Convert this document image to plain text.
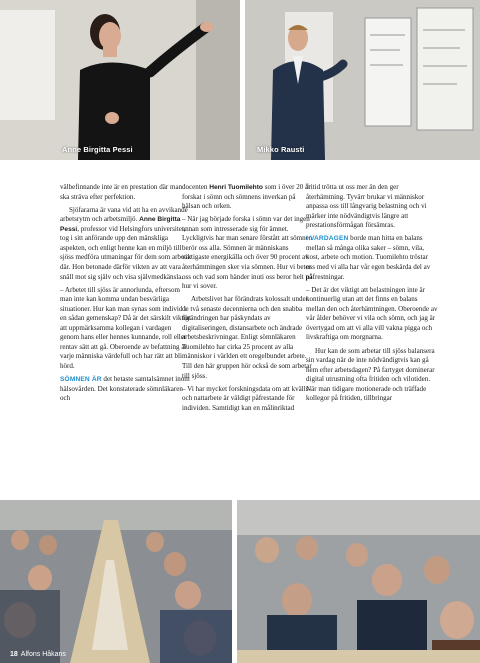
Anne Birgitta Pessi	Mikko Rausti

välbefinnande inte är en prestation där man ska sträva efter perfektion.

Sjöfararna är vana vid att ha en avvikande arbetsrytm och arbetsmiljö. Anne Birgitta Pessi, professor vid Helsingfors universitet, tog i sitt anförande upp den mänskliga aspekten, och enligt henne kan en miljö till sjöss medföra utmaningar för dem som arbetar där. Hon betonade därför vikten av att vara snäll mot sig själv och visa självmedkänsla.

– Arbetet till sjöss är annorlunda, eftersom man inte kan komma undan besvärliga situationer. Hur kan man synas som individ i en sådan gemenskap? Då är det särskilt viktigt att uppmärksamma kollegan i vardagen genom hans eller hennes kunnande, roll eller rentav sätt att gå. Oberoende av befattning är varje människa värdefull och har rätt att bli hörd.

SÖMNEN ÄR det hetaste samtalsämnet inom hälsovården. Det konstaterade sömnläkaren och

docenten Henri Tuomilehto som i över 20 år forskat i sömn och sömnens inverkan på hälsan och orken.

– När jag började forska i sömn var det ingen annan som intresserade sig för ämnet. Lyckligtvis har man senare förstått att sömnen berör oss alla. Sömnen är människans viktigaste energikälla och över 90 procent av återhämtningen sker via sömnen. Hur vi beter oss och vad som händer inuti oss beror helt på hur vi sover.

Arbetslivet har förändrats kolossalt under de två senaste decennierna och den snabba förändringen har påskyndats av digitaliseringen, distansarbete och ändrade arbetsbeskrivningar. Enligt sömnläkaren Tuomilehto har cirka 25 procent av alla människor i världen ett oregelbundet arbete. Till den här gruppen hör också de som arbetar till sjöss.

– Vi har mycket forskningsdata om att kvälls- och nattarbete är väldigt påfrestande för individen. Samtidigt kan en målinriktad

fritid trötta ut oss mer än den ger återhämtning. Tyvärr brukar vi människor anpassa oss till långvarig belastning och vi märker inte nödvändigtvis längre att prestationsförmågan försämras.

I VARDAGEN borde man hitta en balans mellan så många olika saker – sömn, vila, kost, arbete och motion. Tuomilehto tröstar oss med vi alla har vår egen beskärda del av påfrestningar.

– Det är det viktigt att belastningen inte är kontinuerlig utan att det finns en balans mellan den och återhämtningen. Oberoende av vår ålder behöver vi vila och sömn, och jag är övertygad om att vi alla vill vakna pigga och livskraftiga om morgnarna.

Hur kan de som arbetar till sjöss balansera sin vardag när de inte nödvändigtvis kan gå hem efter arbetsdagen? På fartyget dominerar digital utrustning ofta fritiden och vilotiden. När man tidigare motionerade och träffade kollegor på fritiden, tillbringar

18 Alfons Håkans
